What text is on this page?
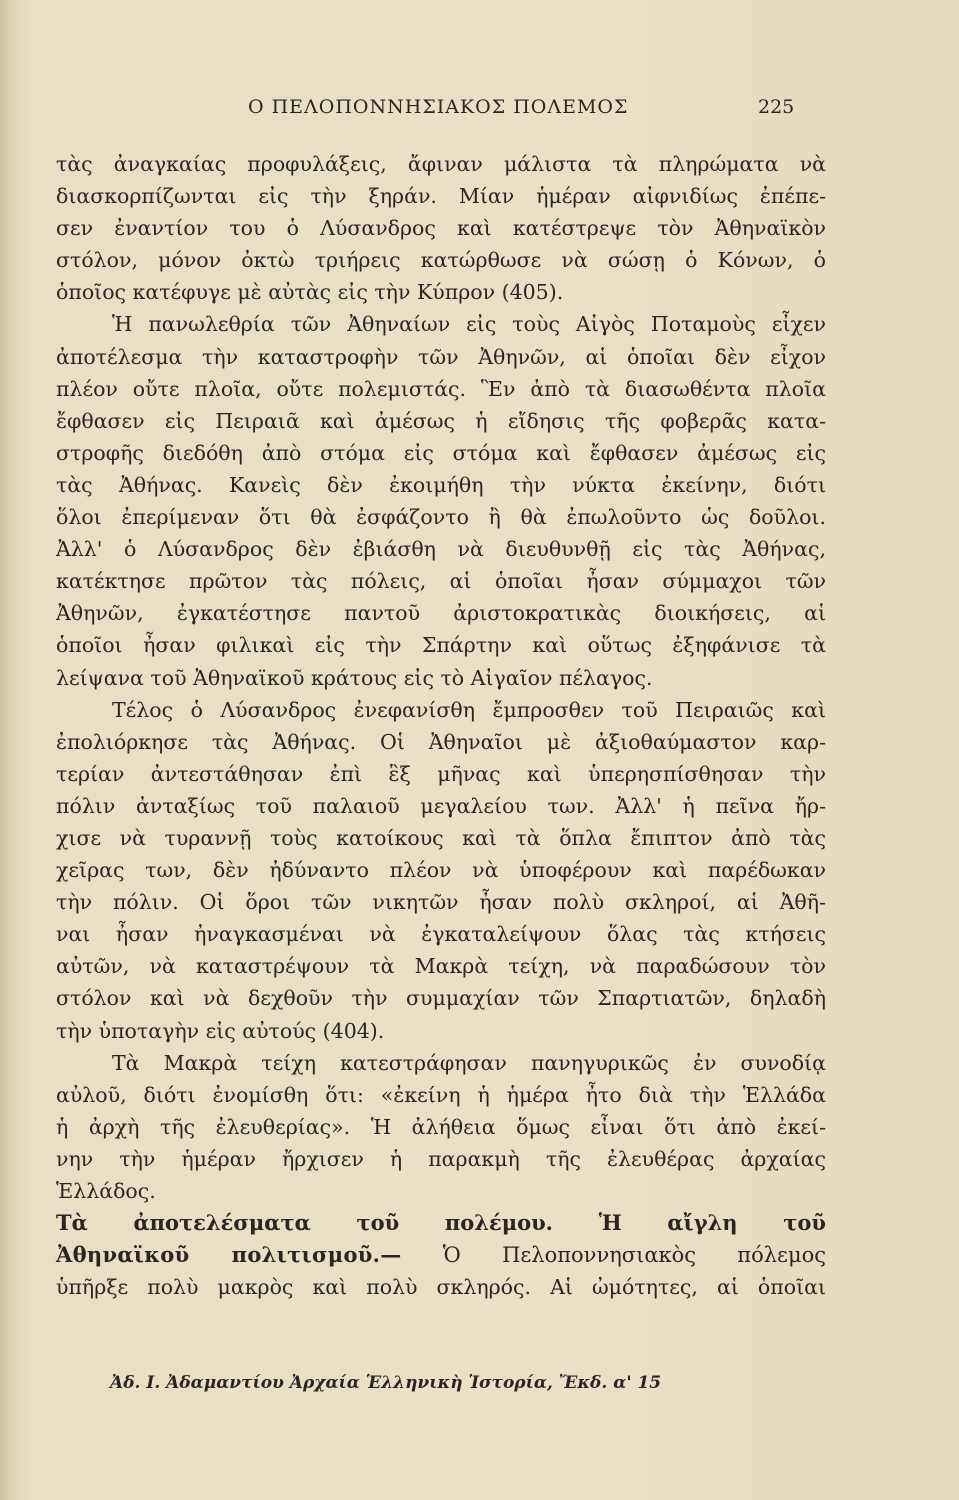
Ο ΠΕΛΟΠΟΝΝΗΣΙΑΚΟΣ ΠΟΛΕΜΟΣ	225
τὰς ἀναγκαίας προφυλάξεις, ἄφιναν μάλιστα τὰ πληρώματα νὰ
διασκορπίζωνται εἰς τὴν ξηράν. Μίαν ἡμέραν αἰφνιδίως ἐπέπε-
σεν ἐναντίον του ὁ Λύσανδρος καὶ κατέστρεψε τὸν Ἀθηναϊκὸν
στόλον, μόνον ὀκτὼ τριήρεις κατώρθωσε νὰ σώσῃ ὁ Κόνων, ὁ
ὁποῖος κατέφυγε μὲ αὐτὰς εἰς τὴν Κύπρον (405).
Ἡ πανωλεθρία τῶν Ἀθηναίων εἰς τοὺς Αἰγὸς Ποταμοὺς εἶχεν
ἀποτέλεσμα τὴν καταστροφὴν τῶν Ἀθηνῶν, αἱ ὁποῖαι δὲν εἶχον
πλέον οὔτε πλοῖα, οὔτε πολεμιστάς. Ἓν ἀπὸ τὰ διασωθέντα πλοῖα
ἔφθασεν εἰς Πειραιᾶ καὶ ἀμέσως ἡ εἴδησις τῆς φοβερᾶς κατα-
στροφῆς διεδόθη ἀπὸ στόμα εἰς στόμα καὶ ἔφθασεν ἀμέσως εἰς
τὰς Ἀθήνας. Κανεὶς δὲν ἐκοιμήθη τὴν νύκτα ἐκείνην, διότι
ὅλοι ἐπερίμεναν ὅτι θὰ ἐσφάζοντο ἢ θὰ ἐπωλοῦντο ὡς δοῦλοι.
Ἀλλ' ὁ Λύσανδρος δὲν ἐβιάσθη νὰ διευθυνθῇ εἰς τὰς Ἀθήνας,
κατέκτησε πρῶτον τὰς πόλεις, αἱ ὁποῖαι ἦσαν σύμμαχοι τῶν
Ἀθηνῶν, ἐγκατέστησε παντοῦ ἀριστοκρατικὰς διοικήσεις, αἱ
ὁποῖοι ἦσαν φιλικαὶ εἰς τὴν Σπάρτην καὶ οὕτως ἐξηφάνισε τὰ
λείψανα τοῦ Ἀθηναϊκοῦ κράτους εἰς τὸ Αἰγαῖον πέλαγος.
Τέλος ὁ Λύσανδρος ἐνεφανίσθη ἔμπροσθεν τοῦ Πειραιῶς καὶ
ἐπολιόρκησε τὰς Ἀθήνας. Οἱ Ἀθηναῖοι μὲ ἀξιοθαύμαστον καρ-
τερίαν ἀντεστάθησαν ἐπὶ ἓξ μῆνας καὶ ὑπερησπίσθησαν τὴν
πόλιν ἀνταξίως τοῦ παλαιοῦ μεγαλείου των. Ἀλλ' ἡ πεῖνα ἤρ-
χισε νὰ τυραννῇ τοὺς κατοίκους καὶ τὰ ὅπλα ἔπιπτον ἀπὸ τὰς
χεῖρας των, δὲν ἠδύναντο πλέον νὰ ὑποφέρουν καὶ παρέδωκαν
τὴν πόλιν. Οἱ ὅροι τῶν νικητῶν ἦσαν πολὺ σκληροί, αἱ Ἀθῆ-
ναι ἦσαν ἠναγκασμέναι νὰ ἐγκαταλείψουν ὅλας τὰς κτήσεις
αὐτῶν, νὰ καταστρέψουν τὰ Μακρὰ τείχη, νὰ παραδώσουν τὸν
στόλον καὶ νὰ δεχθοῦν τὴν συμμαχίαν τῶν Σπαρτιατῶν, δηλαδὴ
τὴν ὑποταγὴν εἰς αὐτούς (404).
Τὰ Μακρὰ τείχη κατεστράφησαν πανηγυρικῶς ἐν συνοδίᾳ
αὐλοῦ, διότι ἐνομίσθη ὅτι: «ἐκείνη ἡ ἡμέρα ἦτο διὰ τὴν Ἑλλάδα
ἡ ἀρχὴ τῆς ἐλευθερίας». Ἡ ἀλήθεια ὅμως εἶναι ὅτι ἀπὸ ἐκεί-
νην τὴν ἡμέραν ἤρχισεν ἡ παρακμὴ τῆς ἐλευθέρας ἀρχαίας
Ἑλλάδος.
Τὰ ἀποτελέσματα τοῦ πολέμου. Ἡ αἴγλη τοῦ
Ἀθηναϊκοῦ πολιτισμοῦ.— Ὁ Πελοποννησιακὸς πόλεμος
ὑπῆρξε πολὺ μακρὸς καὶ πολὺ σκληρός. Αἱ ὠμότητες, αἱ ὁποῖαι
Ἀδ. Ι. Ἀδαμαντίου Ἀρχαία Ἑλληνικὴ Ἱστορία, Ἔκδ. α' 15
